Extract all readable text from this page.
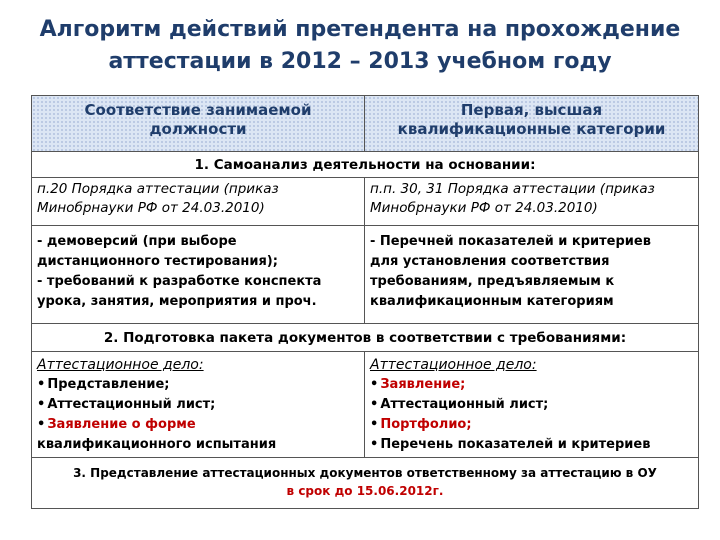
Алгоритм действий претендента на прохождение
аттестации в 2012 – 2013 учебном году
Соответствие занимаемой
должности
Первая, высшая
квалификационные категории
1. Самоанализ деятельности на основании:
п.20 Порядка аттестации (приказ
Минобрнауки РФ от 24.03.2010)
п.п. 30, 31 Порядка аттестации (приказ
Минобрнауки РФ от 24.03.2010)
- демоверсий (при выборе
дистанционного тестирования);
- требований к разработке конспекта
урока, занятия, мероприятия и проч.
- Перечней показателей и критериев
для установления соответствия
требованиям, предъявляемым к
квалификационным категориям
2. Подготовка пакета документов в соответствии с требованиями:
Аттестационное дело:
• Представление;
• Аттестационный лист;
• Заявление о форме
квалификационного испытания
Аттестационное дело:
• Заявление;
• Аттестационный лист;
• Портфолио;
• Перечень показателей и критериев
3. Представление аттестационных документов ответственному за аттестацию в ОУ
в срок до 15.06.2012г.
